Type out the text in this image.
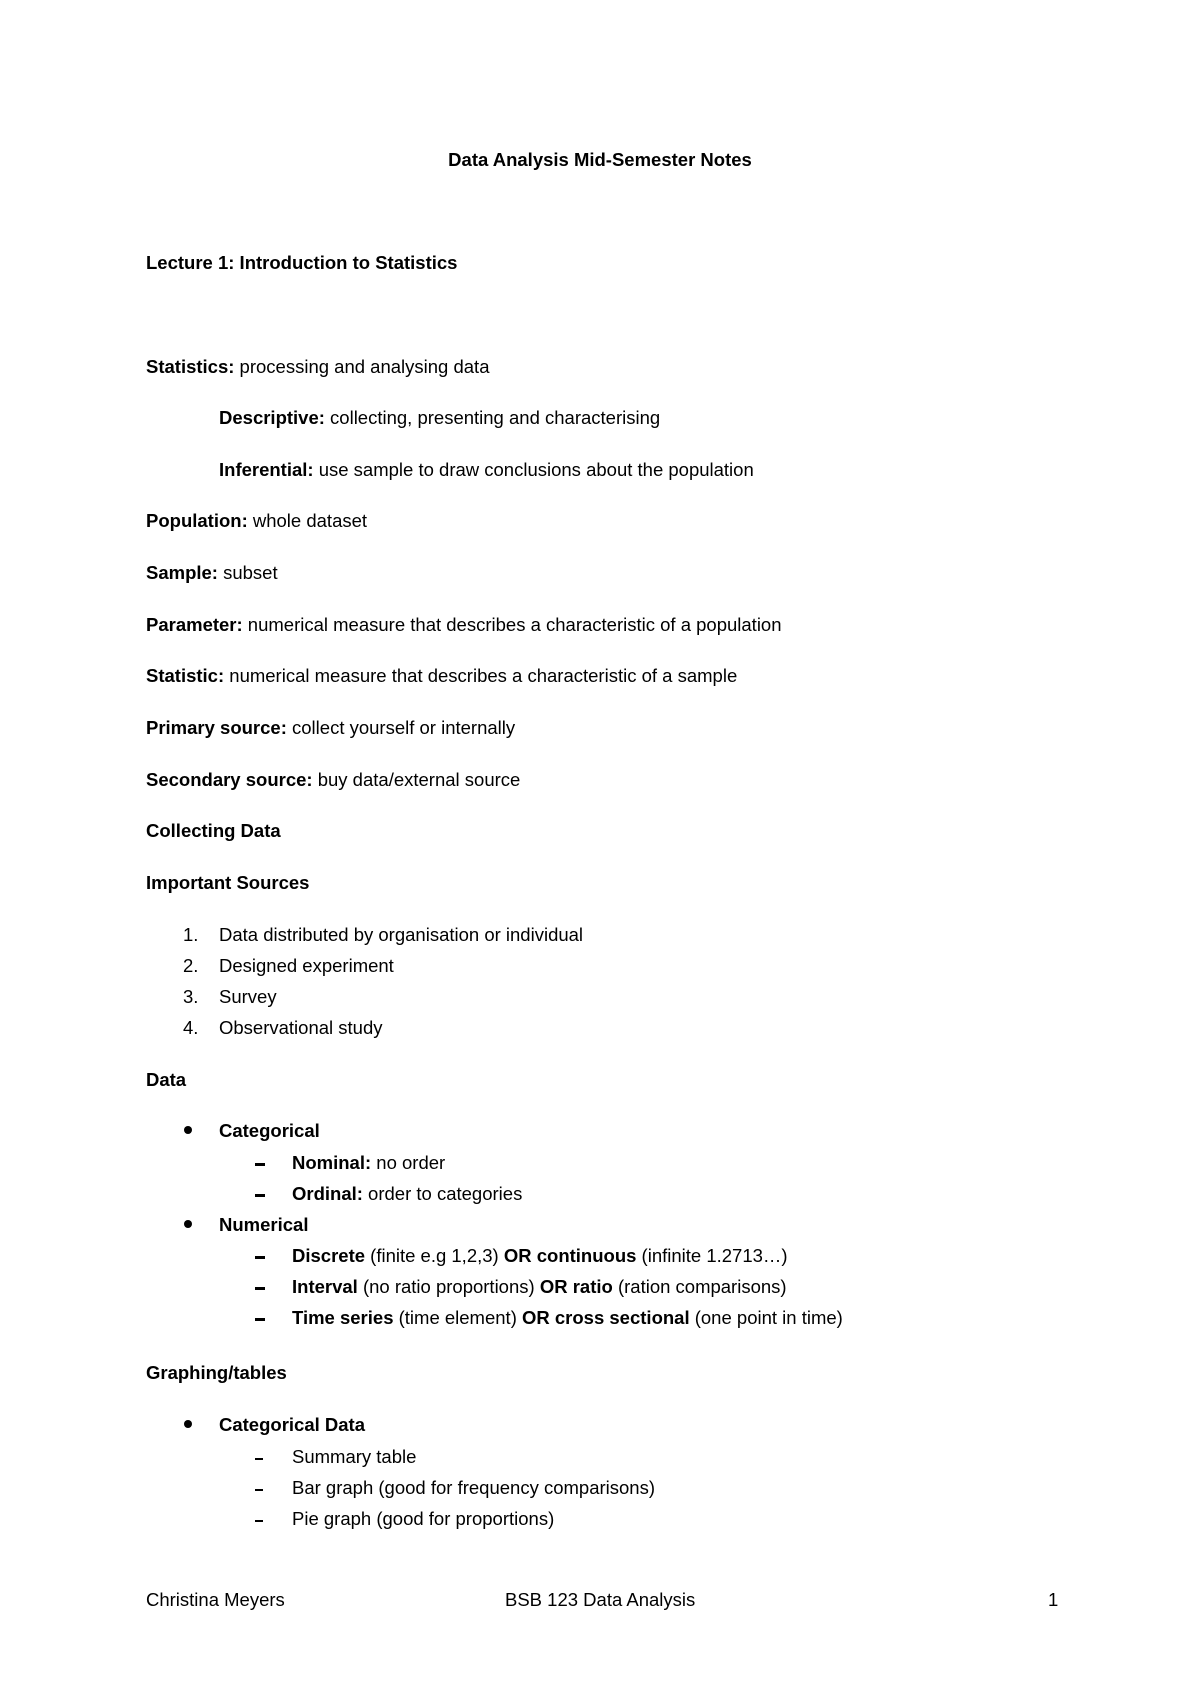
Data Analysis Mid-Semester Notes
Lecture 1: Introduction to Statistics
Statistics: processing and analysing data
Descriptive: collecting, presenting and characterising
Inferential: use sample to draw conclusions about the population
Population: whole dataset
Sample: subset
Parameter: numerical measure that describes a characteristic of a population
Statistic: numerical measure that describes a characteristic of a sample
Primary source: collect yourself or internally
Secondary source: buy data/external source
Collecting Data
Important Sources
1. Data distributed by organisation or individual
2. Designed experiment
3. Survey
4. Observational study
Data
Categorical
Nominal: no order
Ordinal: order to categories
Numerical
Discrete (finite e.g 1,2,3) OR continuous (infinite 1.2713…)
Interval (no ratio proportions) OR ratio (ration comparisons)
Time series (time element) OR cross sectional (one point in time)
Graphing/tables
Categorical Data
Summary table
Bar graph (good for frequency comparisons)
Pie graph (good for proportions)
Christina Meyers	BSB 123 Data Analysis	1
